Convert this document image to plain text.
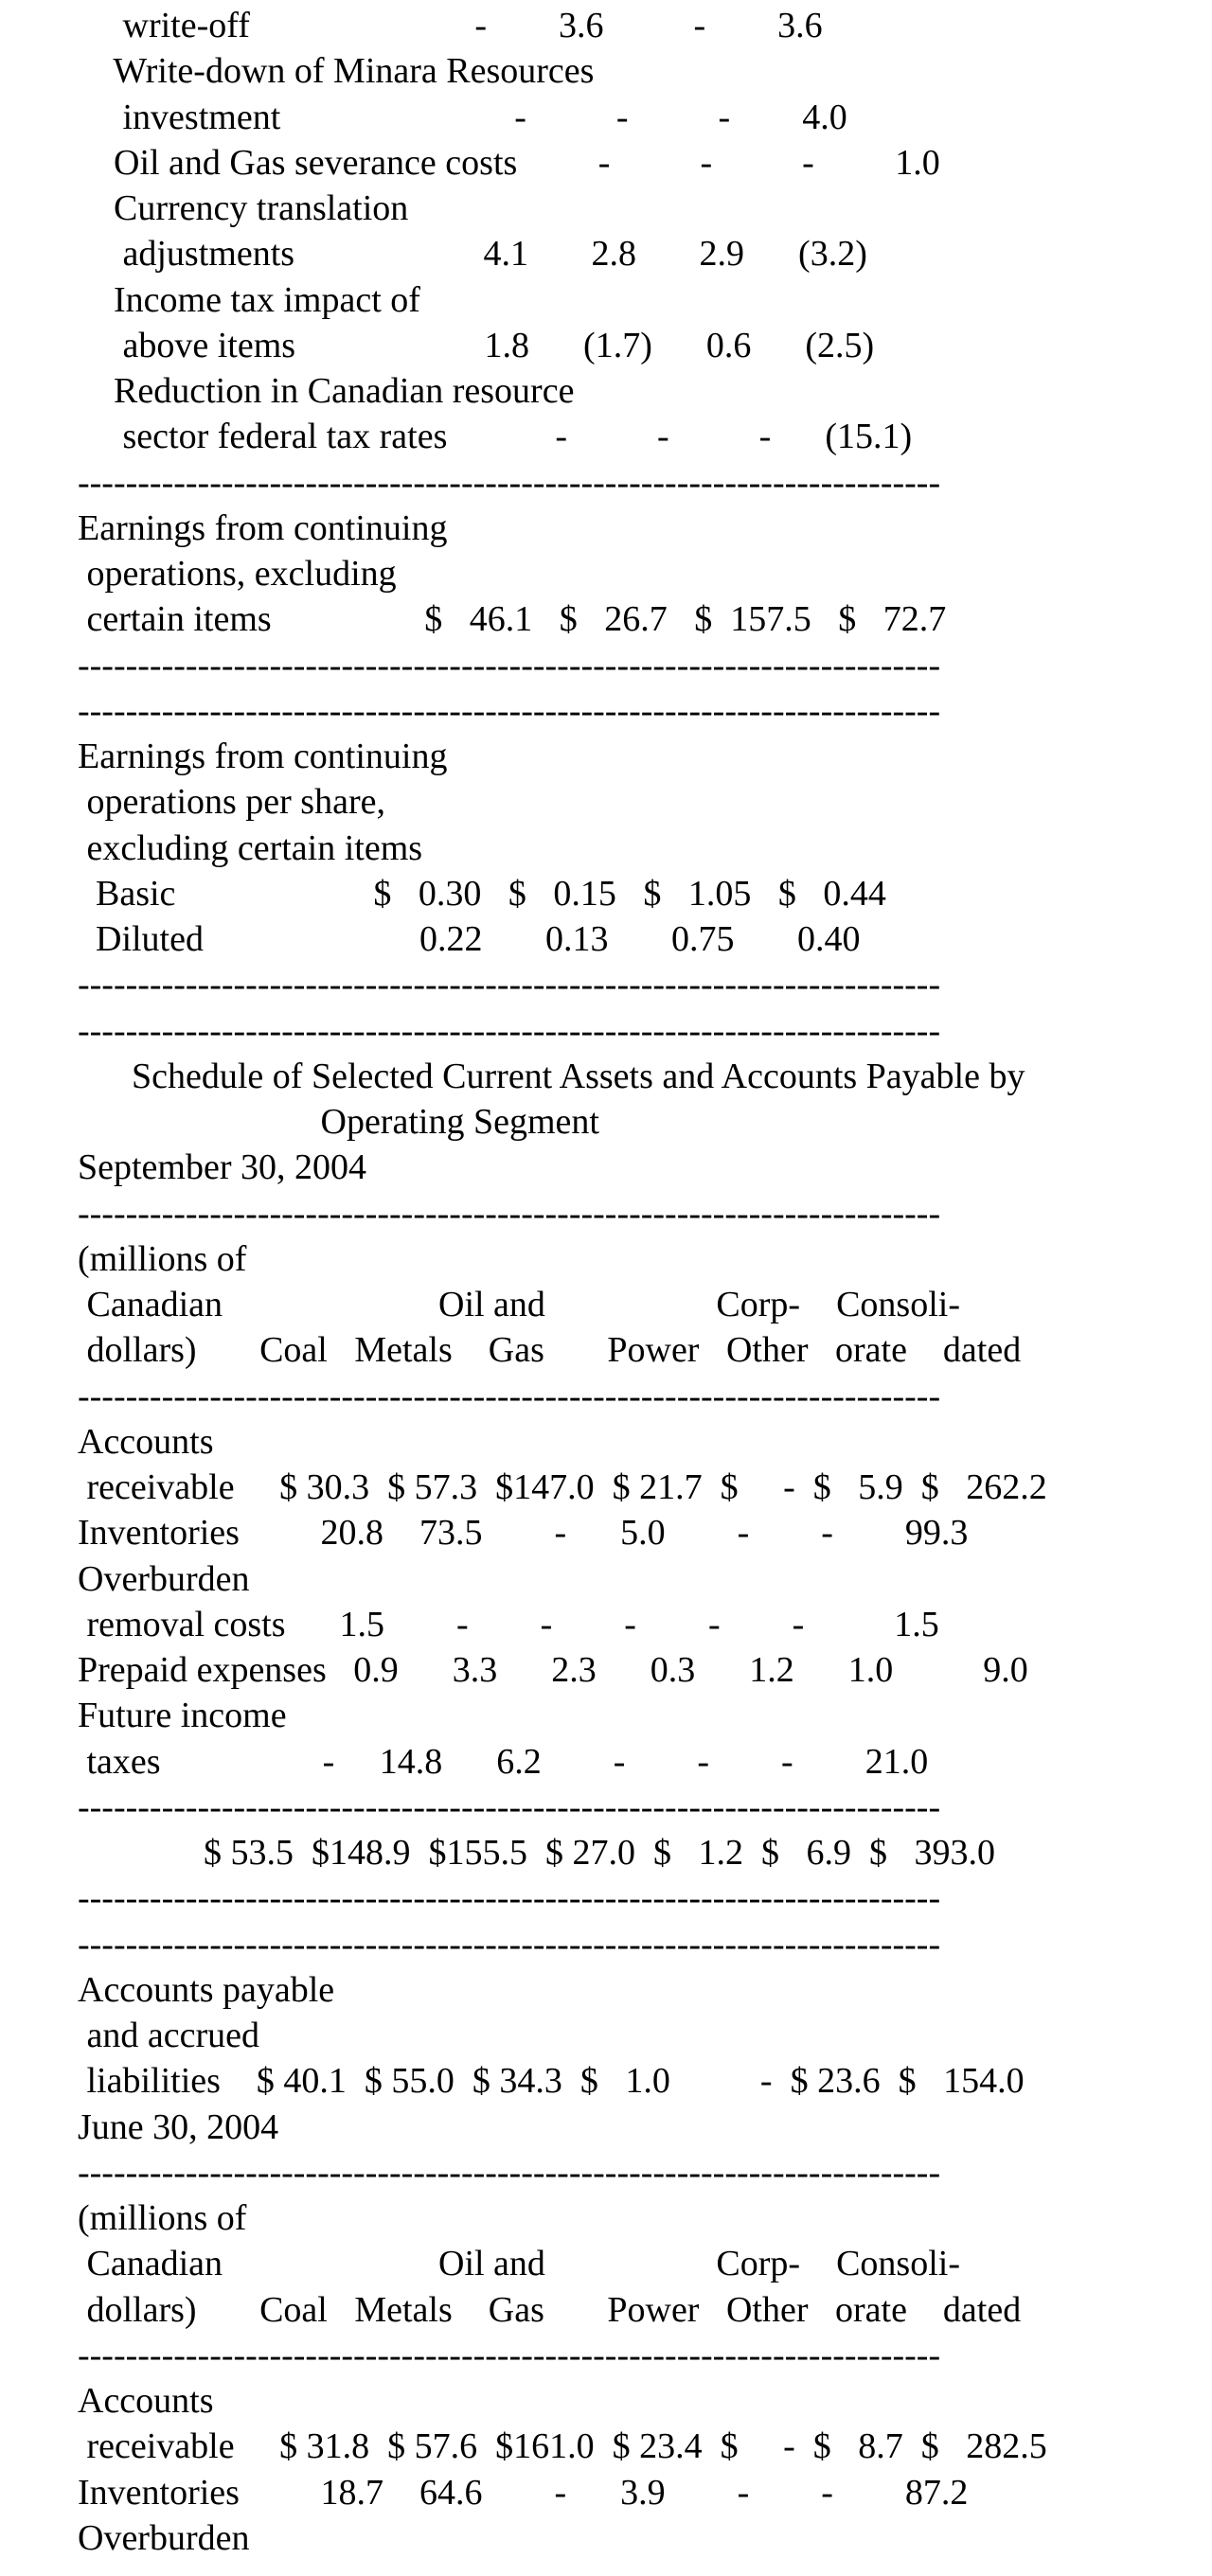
write-off                         -        3.6          -        3.6
Write-down of Minara Resources
investment                          -          -          -        4.0
Oil and Gas severance costs         -          -          -         1.0
Currency translation
adjustments                     4.1       2.8       2.9      (3.2)
Income tax impact of
above items                     1.8      (1.7)      0.6      (2.5)
Reduction in Canadian resource
sector federal tax rates            -          -          -      (15.1)
------------------------------------------------------------------------
Earnings from continuing
operations, excluding
certain items                 $   46.1   $   26.7   $  157.5   $   72.7
------------------------------------------------------------------------
------------------------------------------------------------------------
Earnings from continuing
operations per share,
excluding certain items
Basic                      $   0.30   $   0.15   $   1.05   $   0.44
Diluted                        0.22       0.13       0.75       0.40
------------------------------------------------------------------------
------------------------------------------------------------------------
Schedule of Selected Current Assets and Accounts Payable by
Operating Segment
September 30, 2004
------------------------------------------------------------------------
(millions of
Canadian                        Oil and                   Corp-    Consoli-
dollars)       Coal   Metals    Gas       Power   Other   orate    dated
------------------------------------------------------------------------
Accounts
receivable     $ 30.3  $ 57.3  $147.0  $ 21.7  $     -  $   5.9  $   262.2
Inventories         20.8    73.5        -      5.0        -        -        99.3
Overburden
removal costs      1.5        -        -        -        -        -          1.5
Prepaid expenses   0.9      3.3      2.3      0.3      1.2      1.0          9.0
Future income
taxes                  -     14.8      6.2        -        -        -        21.0
------------------------------------------------------------------------
$ 53.5  $148.9  $155.5  $ 27.0  $   1.2  $   6.9  $   393.0
------------------------------------------------------------------------
------------------------------------------------------------------------
Accounts payable
and accrued
liabilities    $ 40.1  $ 55.0  $ 34.3  $   1.0          -  $ 23.6  $   154.0
June 30, 2004
------------------------------------------------------------------------
(millions of
Canadian                        Oil and                   Corp-    Consoli-
dollars)       Coal   Metals    Gas       Power   Other   orate    dated
------------------------------------------------------------------------
Accounts
receivable     $ 31.8  $ 57.6  $161.0  $ 23.4  $     -  $   8.7  $   282.5
Inventories         18.7    64.6        -      3.9        -        -        87.2
Overburden
